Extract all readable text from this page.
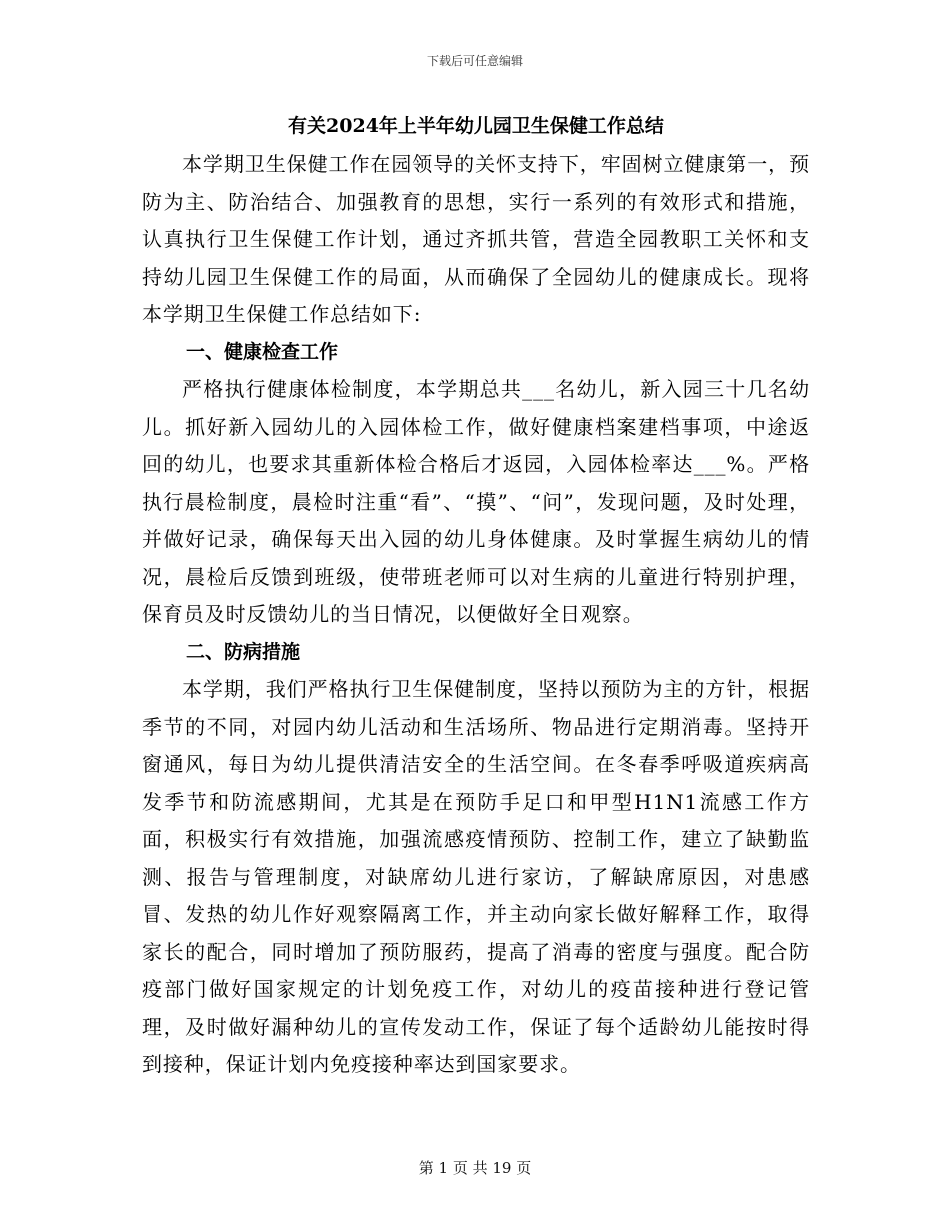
下载后可任意编辑
有关2024年上半年幼儿园卫生保健工作总结

本学期卫生保健工作在园领导的关怀支持下，牢固树立健康第一，预防为主、防治结合、加强教育的思想，实行一系列的有效形式和措施，认真执行卫生保健工作计划，通过齐抓共管，营造全园教职工关怀和支持幼儿园卫生保健工作的局面，从而确保了全园幼儿的健康成长。现将本学期卫生保健工作总结如下:

一、健康检查工作

严格执行健康体检制度，本学期总共___名幼儿，新入园三十几名幼儿。抓好新入园幼儿的入园体检工作，做好健康档案建档事项，中途返回的幼儿，也要求其重新体检合格后才返园，入园体检率达___%。严格执行晨检制度，晨检时注重“看”、“摸”、“问”，发现问题，及时处理，并做好记录，确保每天出入园的幼儿身体健康。及时掌握生病幼儿的情况，晨检后反馈到班级，使带班老师可以对生病的儿童进行特别护理，保育员及时反馈幼儿的当日情况，以便做好全日观察。

二、防病措施

本学期，我们严格执行卫生保健制度，坚持以预防为主的方针，根据季节的不同，对园内幼儿活动和生活场所、物品进行定期消毒。坚持开窗通风，每日为幼儿提供清洁安全的生活空间。在冬春季呼吸道疾病高发季节和防流感期间，尤其是在预防手足口和甲型H1N1流感工作方面，积极实行有效措施，加强流感疫情预防、控制工作，建立了缺勤监测、报告与管理制度，对缺席幼儿进行家访，了解缺席原因，对患感冒、发热的幼儿作好观察隔离工作，并主动向家长做好解释工作，取得家长的配合，同时增加了预防服药，提高了消毒的密度与强度。配合防疫部门做好国家规定的计划免疫工作，对幼儿的疫苗接种进行登记管理，及时做好漏种幼儿的宣传发动工作，保证了每个适龄幼儿能按时得到接种，保证计划内免疫接种率达到国家要求。

第 1 页 共 19 页
